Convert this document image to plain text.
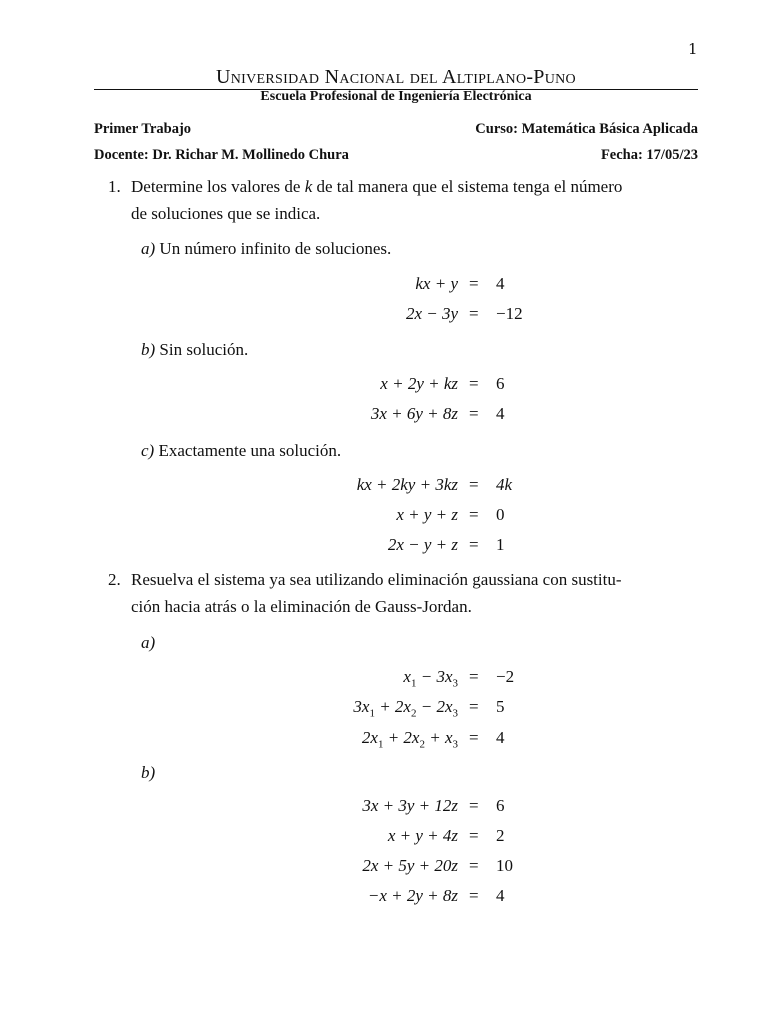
1
Universidad Nacional del Altiplano-Puno
Escuela Profesional de Ingeniería Electrónica
Primer Trabajo	Curso: Matemática Básica Aplicada
Docente: Dr. Richar M. Mollinedo Chura	Fecha: 17/05/23
1. Determine los valores de k de tal manera que el sistema tenga el número
de soluciones que se indica.
a) Un número infinito de soluciones.
kx + y = 4
2x − 3y = −12
b) Sin solución.
x + 2y + kz = 6
3x + 6y + 8z = 4
c) Exactamente una solución.
kx + 2ky + 3kz = 4k
x + y + z = 0
2x − y + z = 1
2. Resuelva el sistema ya sea utilizando eliminación gaussiana con sustitu-
ción hacia atrás o la eliminación de Gauss-Jordan.
a)
$x_1 - 3x_3 = -2$
$3x_1 + 2x_2 - 2x_3 = 5$
$2x_1 + 2x_2 + x_3 = 4$
b)
3x + 3y + 12z = 6
x + y + 4z = 2
2x + 5y + 20z = 10
−x + 2y + 8z = 4
